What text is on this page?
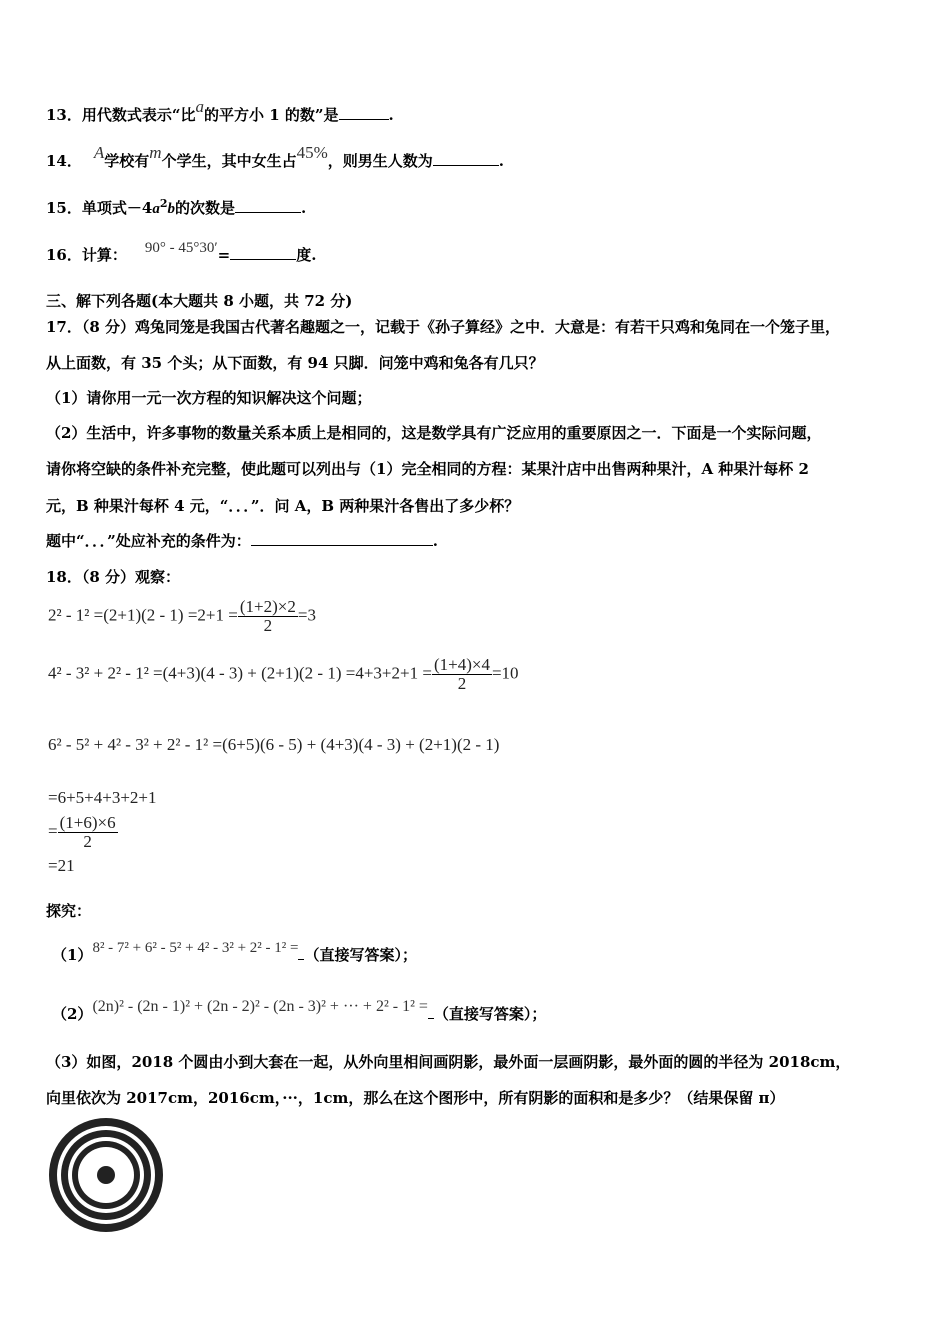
13．用代数式表示“比a的平方小 1 的数”是	.
14． A学校有m个学生，其中女生占45%，则男生人数为	.
15．单项式$-4a^2b$的次数是	.
16．计算： 90° - 45°30′=	度.
三、解下列各题(本大题共 8 小题，共 72 分)
17．（8 分）鸡兔同笼是我国古代著名趣题之一，记载于《孙子算经》之中．大意是：有若干只鸡和兔同在一个笼子里，
从上面数，有 35 个头；从下面数，有 94 只脚．问笼中鸡和兔各有几只？
（1）请你用一元一次方程的知识解决这个问题；
（2）生活中，许多事物的数量关系本质上是相同的，这是数学具有广泛应用的重要原因之一．下面是一个实际问题，
请你将空缺的条件补充完整，使此题可以列出与（1）完全相同的方程：某果汁店中出售两种果汁，A 种果汁每杯 2
元，B 种果汁每杯 4 元，“．．．”．问 A，B 两种果汁各售出了多少杯？
题中“．．．”处应补充的条件为：	.
18．（8 分）观察：
$2^2 - 1^2 =(2+1)(2 - 1) =2+1 = \frac{(1+2)\times 2}{2} =3$
$4^2 - 3^2 + 2^2 - 1^2 =(4+3)(4 - 3) + (2+1)(2 - 1) =4+3+2+1 = \frac{(1+4)\times 4}{2} =10$
6² - 5² + 4² - 3² + 2² - 1² =(6+5)(6 - 5) + (4+3)(4 - 3) + (2+1)(2 - 1)
=6+5+4+3+2+1
= $\frac{(1+6)\times 6}{2}$
=21
探究：
（1）8² - 7² + 6² - 5² + 4² - 3² + 2² - 1² = （直接写答案）；
（2）(2n)² - (2n - 1)² + (2n - 2)² - (2n - 3)² + ··· + 2² - 1² = （直接写答案）；
（3）如图，2018 个圆由小到大套在一起，从外向里相间画阴影，最外面一层画阴影，最外面的圆的半径为 2018cm，
向里依次为 2017cm，2016cm，···，1cm，那么在这个图形中，所有阴影的面积和是多少？（结果保留 π）
